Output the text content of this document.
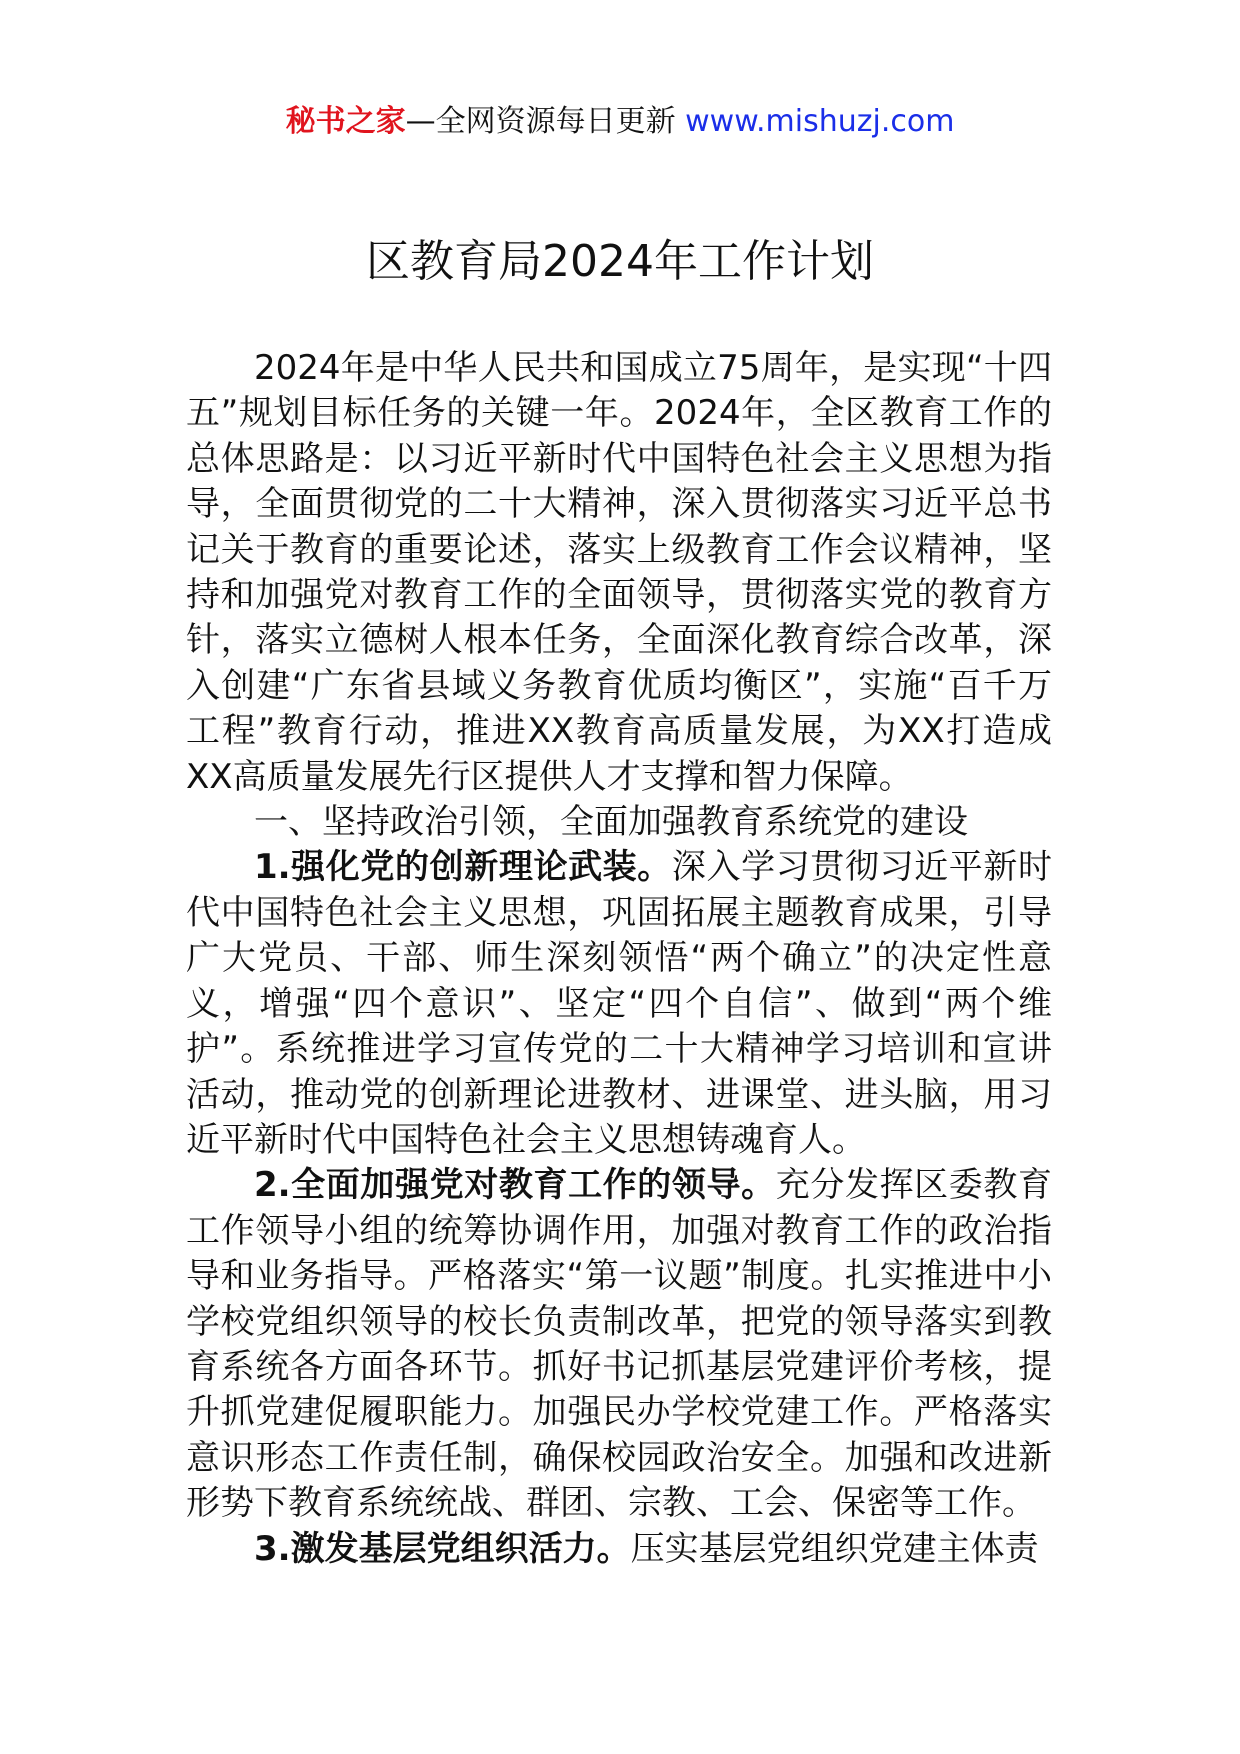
秘书之家—全网资源每日更新 www.mishuzj.com
区教育局2024年工作计划

2024年是中华人民共和国成立75周年，是实现“十四五”规划目标任务的关键一年。2024年，全区教育工作的总体思路是：以习近平新时代中国特色社会主义思想为指导，全面贯彻党的二十大精神，深入贯彻落实习近平总书记关于教育的重要论述，落实上级教育工作会议精神，坚持和加强党对教育工作的全面领导，贯彻落实党的教育方针，落实立德树人根本任务，全面深化教育综合改革，深入创建“广东省县域义务教育优质均衡区”，实施“百千万工程”教育行动，推进XX教育高质量发展，为XX打造成XX高质量发展先行区提供人才支撑和智力保障。

一、坚持政治引领，全面加强教育系统党的建设

1.强化党的创新理论武装。深入学习贯彻习近平新时代中国特色社会主义思想，巩固拓展主题教育成果，引导广大党员、干部、师生深刻领悟“两个确立”的决定性意义，增强“四个意识”、坚定“四个自信”、做到“两个维护”。系统推进学习宣传党的二十大精神学习培训和宣讲活动，推动党的创新理论进教材、进课堂、进头脑，用习近平新时代中国特色社会主义思想铸魂育人。

2.全面加强党对教育工作的领导。充分发挥区委教育工作领导小组的统筹协调作用，加强对教育工作的政治指导和业务指导。严格落实“第一议题”制度。扎实推进中小学校党组织领导的校长负责制改革，把党的领导落实到教育系统各方面各环节。抓好书记抓基层党建评价考核，提升抓党建促履职能力。加强民办学校党建工作。严格落实意识形态工作责任制，确保校园政治安全。加强和改进新形势下教育系统统战、群团、宗教、工会、保密等工作。

3.激发基层党组织活力。压实基层党组织党建主体责
